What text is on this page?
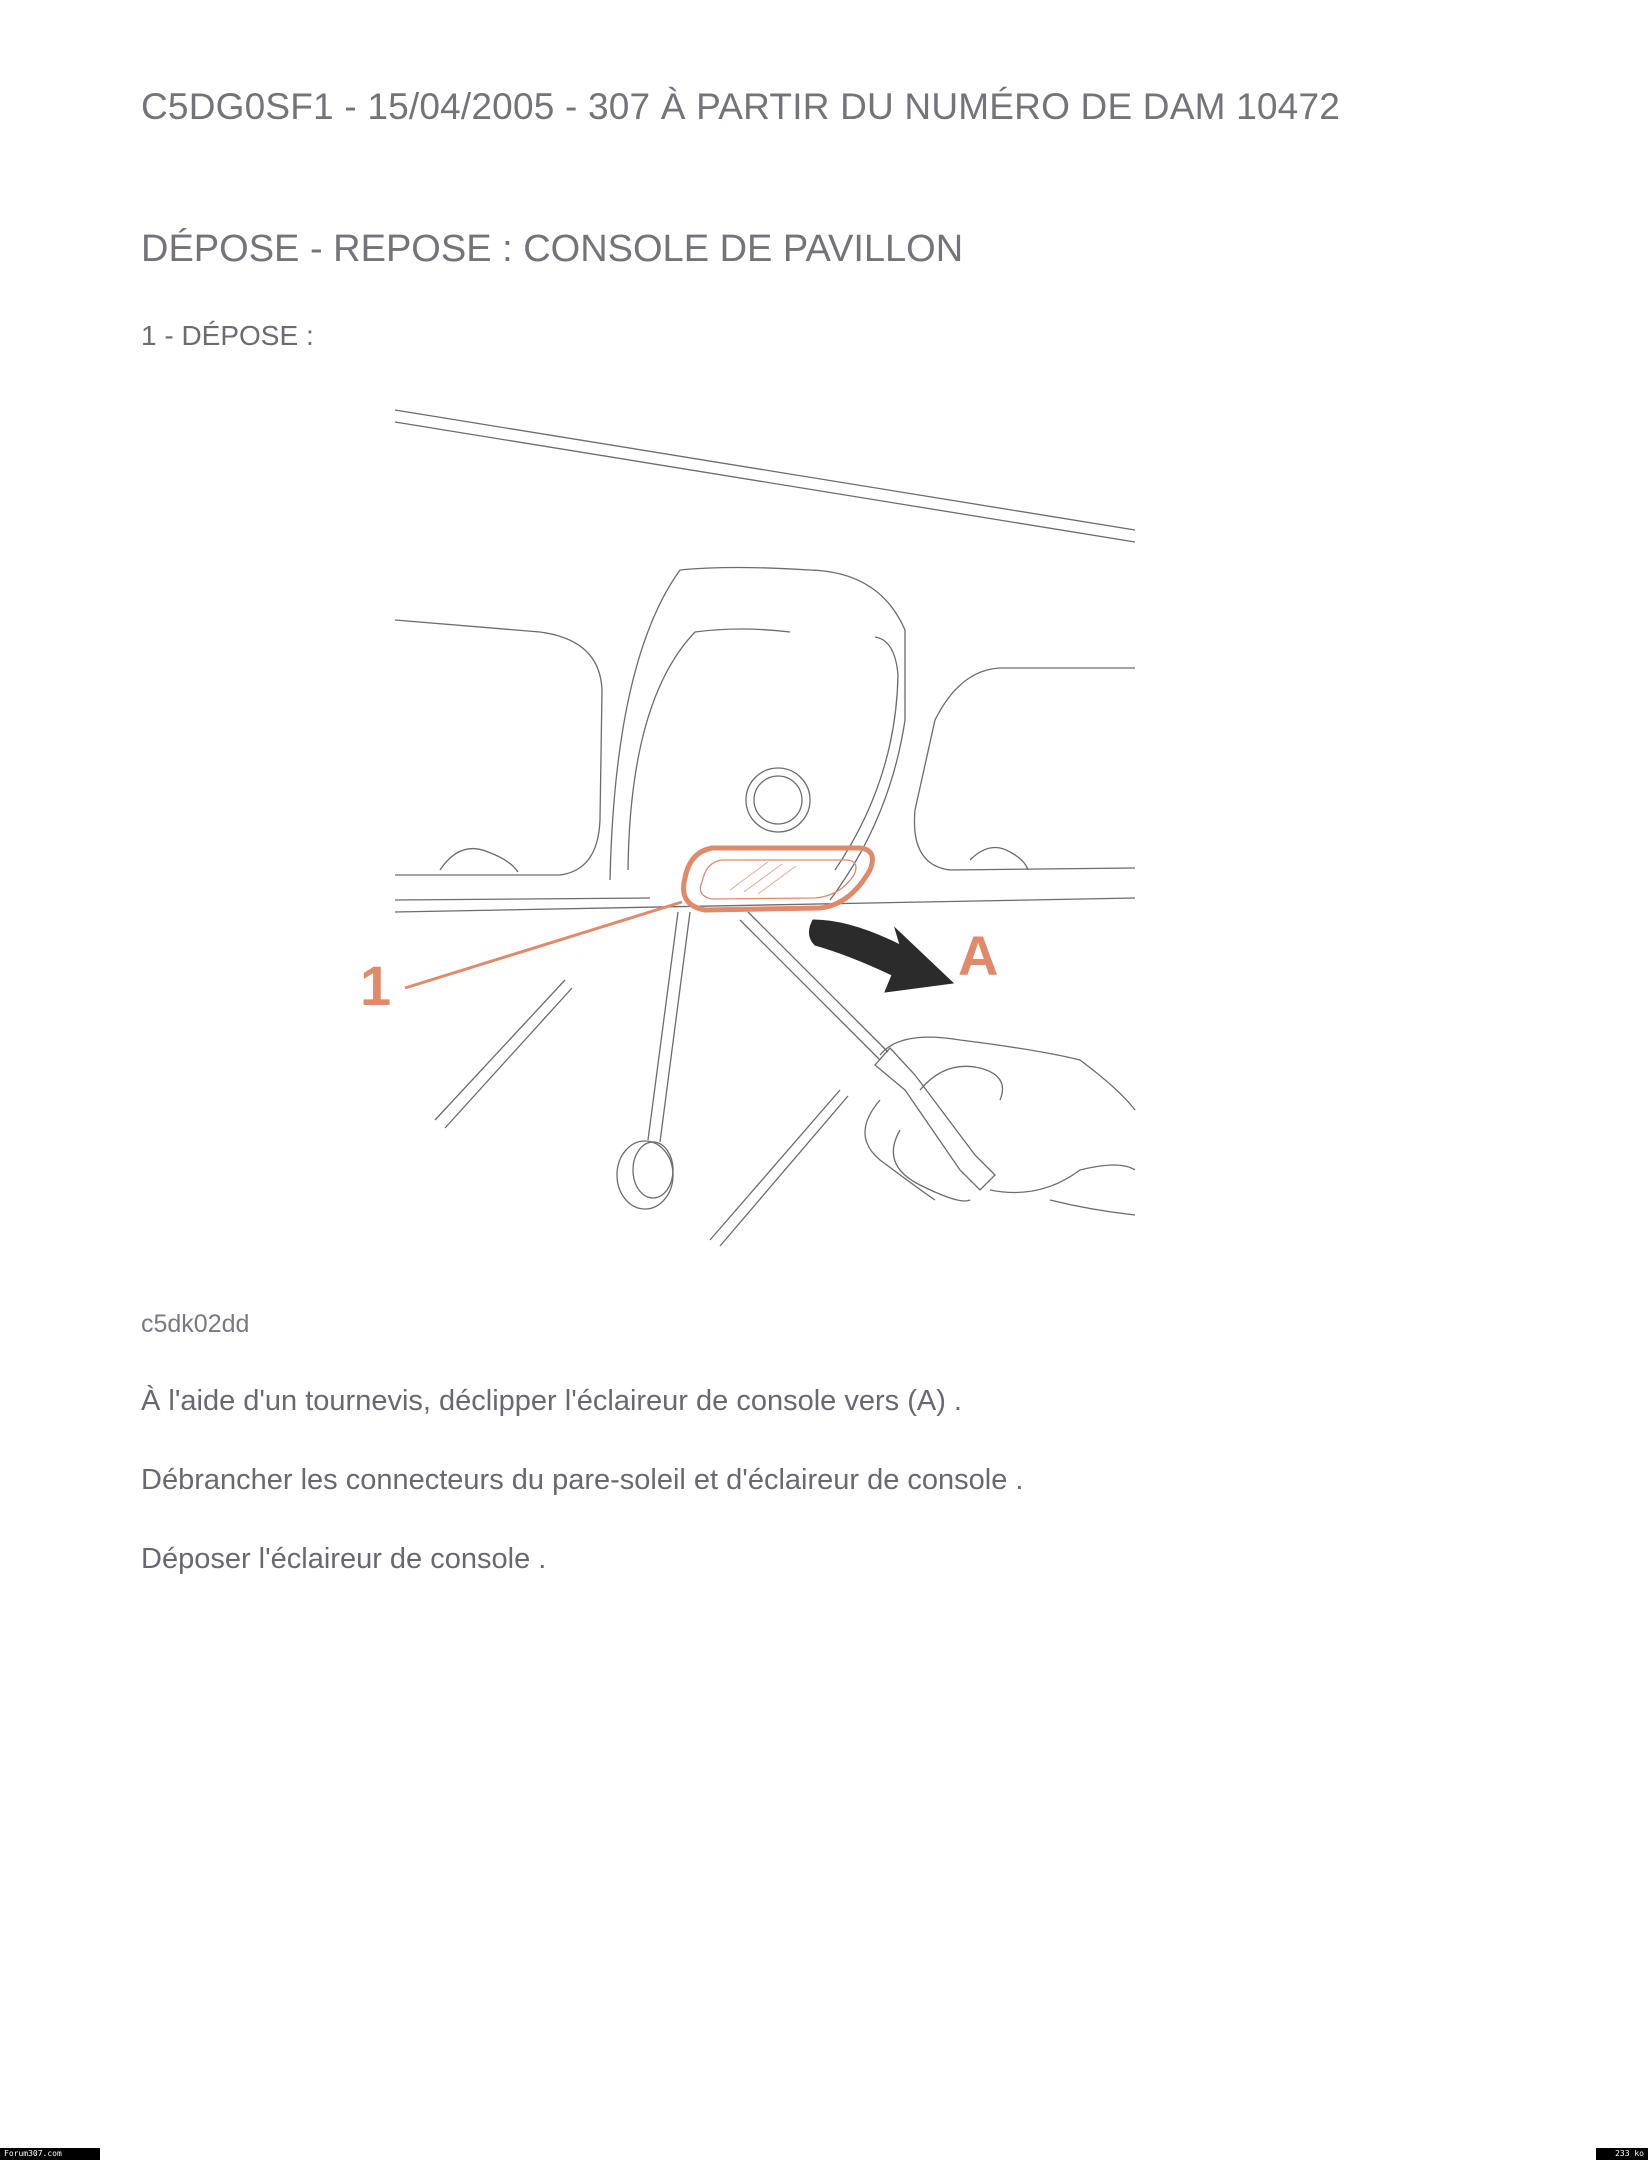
C5DG0SF1 - 15/04/2005 - 307 À PARTIR DU NUMÉRO DE DAM 10472
DÉPOSE - REPOSE : CONSOLE DE PAVILLON
1 - DÉPOSE :
1	A
c5dk02dd
À l'aide d'un tournevis, déclipper l'éclaireur de console vers (A) .
Débrancher les connecteurs du pare-soleil et d'éclaireur de console .
Déposer l'éclaireur de console .
Forum307.com	233 ko
